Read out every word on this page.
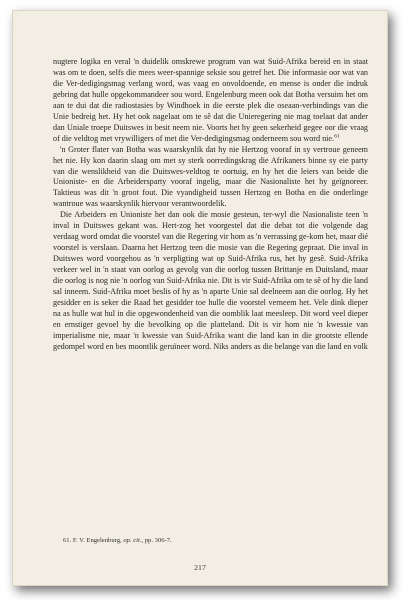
nugtere logika en veral 'n duidelik omskrewe program van wat Suid-Afrika bereid en in staat was om te doen, selfs die mees weer-spannige seksie sou getref het. Die informasie oor wat van die Ver-dedigingsmag verlang word, was vaag en onvoldoende, en mense is onder die indruk gebring dat hulle opgekommandeer sou word. Engelenburg meen ook dat Botha versuim het om aan te dui dat die radiostasies by Windhoek in die eerste plek die oseaan-verbindings van die Unie bedreig het. Hy het ook nagelaat om te sê dat die Unieregering nie mag toelaat dat ander dan Uniale troepe Duitswes in besit neem nie. Voorts het hy geen sekerheid gegee oor die vraag of die veldtog met vrywilligers of met die Ver-dedigingsmag onderneem sou word nie.$^{61}$

'n Groter flater van Botha was waarskynlik dat hy nie Hertzog vooraf in sy vertroue geneem het nie. Hy kon daarin slaag om met sy sterk oorredingskrag die Afrikaners binne sy eie party van die wenslikheid van die Duitswes-veldtog te oortuig, en hy het die leiers van beide die Unioniste- en die Arbeidersparty vooraf ingelig, maar die Nasionaliste het hy geïgnoreer. Taktieus was dit 'n groot fout. Die vyandigheid tussen Hertzog en Botha en die onderlinge wantroue was waarskynlik hiervoor verantwoordelik.

Die Arbeiders en Unioniste het dan ook die mosie gesteun, ter-wyl die Nasionaliste teen 'n inval in Duitswes gekant was. Hert-zog het voorgestel dat die debat tot die volgende dag verdaag word omdat die voorstel van die Regering vir hom as 'n verrassing ge-kom het, maar dié voorstel is verslaan. Daarna het Hertzog teen die mosie van die Regering gepraat. Die inval in Duitswes word voorgehou as 'n verpligting wat op Suid-Afrika rus, het hy gesê. Suid-Afrika verkeer wel in 'n staat van oorlog as gevolg van die oorlog tussen Brittanje en Duitsland, maar die oorlog is nog nie 'n oorlog van Suid-Afrika nie. Dit is vir Suid-Afrika om te sê of hy die land sal inneem. Suid-Afrika moet beslis of hy as 'n aparte Unie sal deelneem aan die oorlog. Hy het gesidder en is seker die Raad het gesidder toe hulle die voorstel verneem het. Vele dink dieper na as hulle wat hul in die opgewondenheid van die oomblik laat meesleep. Dit word veel dieper en ernstiger gevoel by die bevolking op die platteland. Dit is vir hom nie 'n kwessie van imperialisme nie, maar 'n kwessie van Suid-Afrika want die land kan in die grootste ellende gedompel word en bes moontlik geruïneer word. Niks anders as die belange van die land en volk

61. F. V. Engelenburg, op. cit., pp. 306-7.
217
